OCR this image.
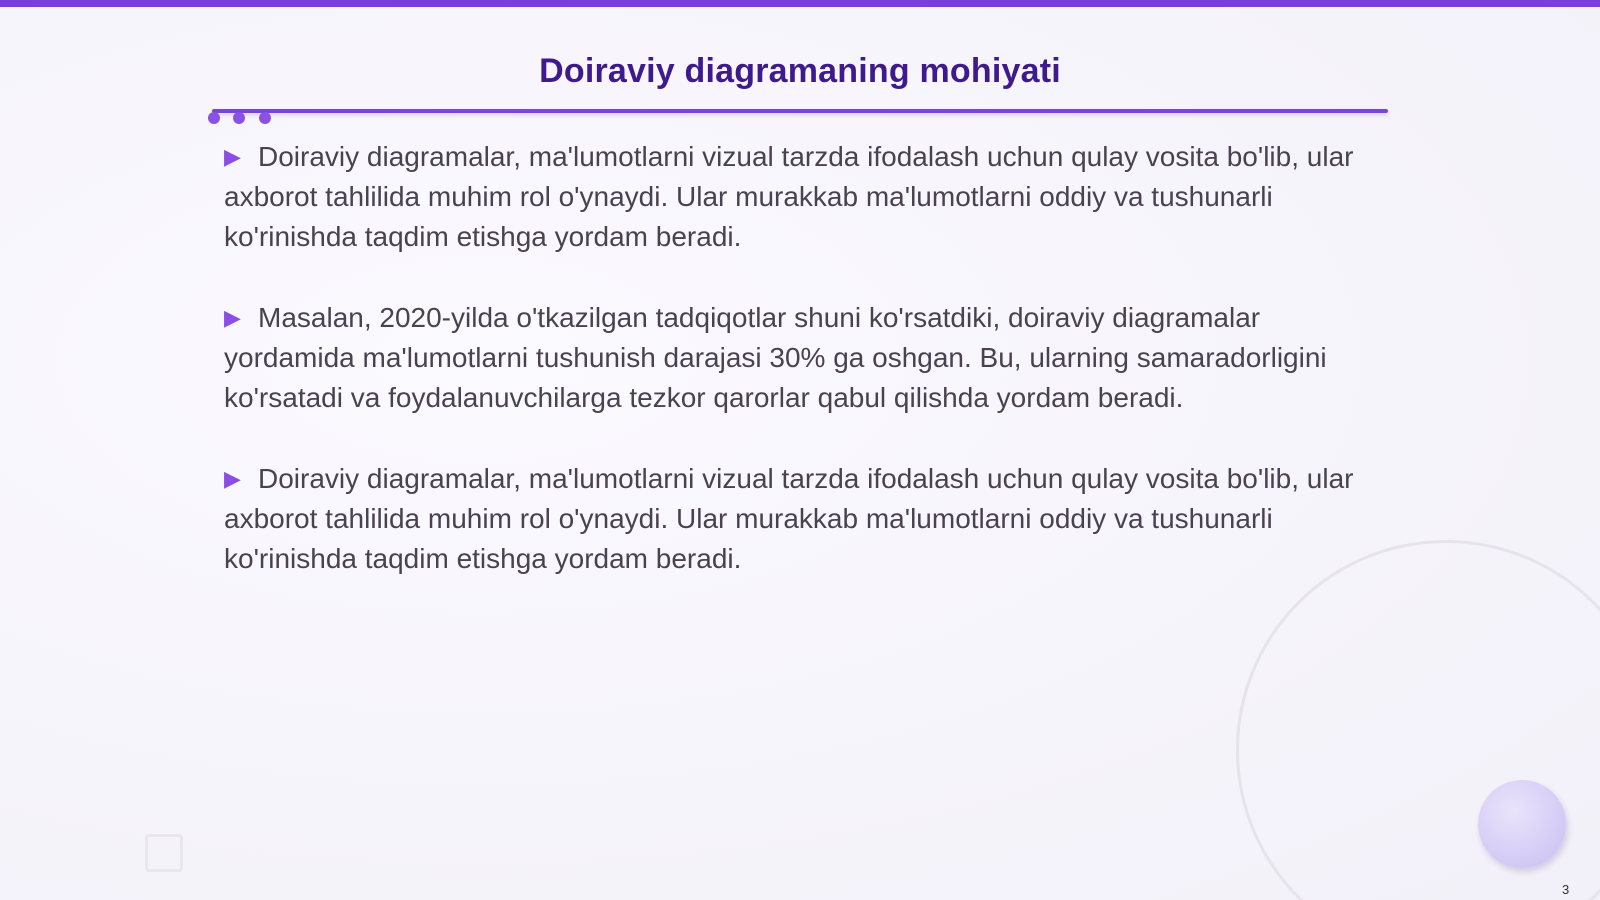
Doiraviy diagramaning mohiyati

▶ Doiraviy diagramalar, ma'lumotlarni vizual tarzda ifodalash uchun qulay vosita bo'lib, ular axborot tahlilida muhim rol o'ynaydi. Ular murakkab ma'lumotlarni oddiy va tushunarli ko'rinishda taqdim etishga yordam beradi.

▶ Masalan, 2020-yilda o'tkazilgan tadqiqotlar shuni ko'rsatdiki, doiraviy diagramalar yordamida ma'lumotlarni tushunish darajasi 30% ga oshgan. Bu, ularning samaradorligini ko'rsatadi va foydalanuvchilarga tezkor qarorlar qabul qilishda yordam beradi.

▶ Doiraviy diagramalar, ma'lumotlarni vizual tarzda ifodalash uchun qulay vosita bo'lib, ular axborot tahlilida muhim rol o'ynaydi. Ular murakkab ma'lumotlarni oddiy va tushunarli ko'rinishda taqdim etishga yordam beradi.

3
